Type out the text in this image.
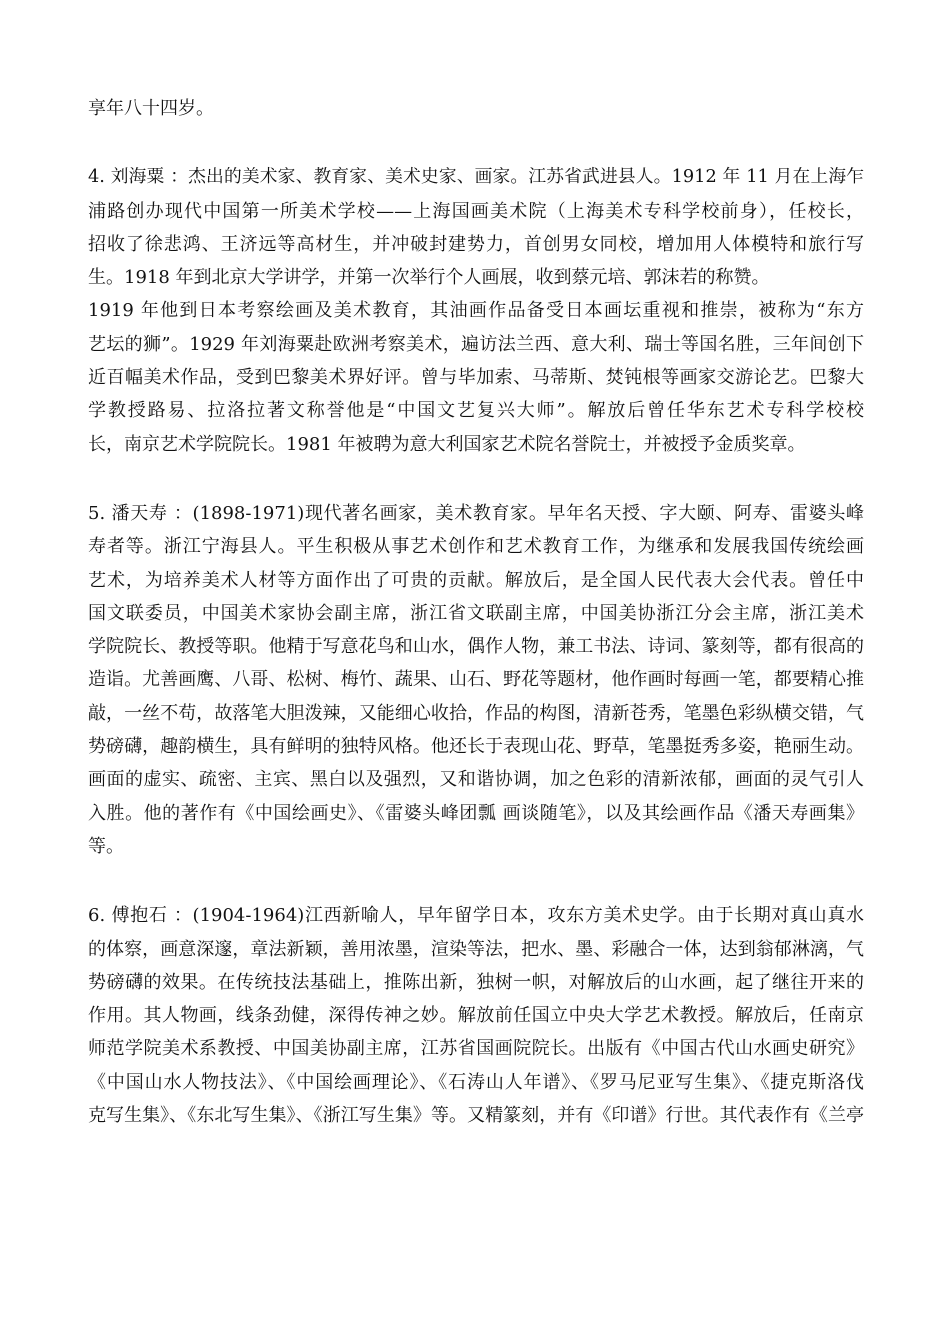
享年八十四岁。
4. 刘海粟 ：杰出的美术家、教育家、美术史家、画家。江苏省武进县人。1912 年 11 月在上海乍
浦路创办现代中国第一所美术学校——上海国画美术院（上海美术专科学校前身），任校长，
招收了徐悲鸿、王济远等高材生，并冲破封建势力，首创男女同校，增加用人体模特和旅行写
生。1918 年到北京大学讲学，并第一次举行个人画展，收到蔡元培、郭沫若的称赞。
1919 年他到日本考察绘画及美术教育，其油画作品备受日本画坛重视和推崇，被称为“东方
艺坛的狮”。1929 年刘海粟赴欧洲考察美术，遍访法兰西、意大利、瑞士等国名胜，三年间创下
近百幅美术作品，受到巴黎美术界好评。曾与毕加索、马蒂斯、焚钝根等画家交游论艺。巴黎大
学教授路易、拉洛拉著文称誉他是“中国文艺复兴大师”。解放后曾任华东艺术专科学校校
长，南京艺术学院院长。1981 年被聘为意大利国家艺术院名誉院士，并被授予金质奖章。
5. 潘天寿 ：(1898-1971)现代著名画家，美术教育家。早年名天授、字大颐、阿寿、雷婆头峰
寿者等。浙江宁海县人。平生积极从事艺术创作和艺术教育工作，为继承和发展我国传统绘画
艺术，为培养美术人材等方面作出了可贵的贡献。解放后，是全国人民代表大会代表。曾任中
国文联委员，中国美术家协会副主席，浙江省文联副主席，中国美协浙江分会主席，浙江美术
学院院长、教授等职。他精于写意花鸟和山水，偶作人物，兼工书法、诗词、篆刻等，都有很高的
造诣。尤善画鹰、八哥、松树、梅竹、蔬果、山石、野花等题材，他作画时每画一笔，都要精心推
敲，一丝不苟，故落笔大胆泼辣，又能细心收拾，作品的构图，清新苍秀，笔墨色彩纵横交错，气
势磅礴，趣韵横生，具有鲜明的独特风格。他还长于表现山花、野草，笔墨挺秀多姿，艳丽生动。
画面的虚实、疏密、主宾、黑白以及强烈，又和谐协调，加之色彩的清新浓郁，画面的灵气引人
入胜。他的著作有《中国绘画史》、《雷婆头峰团瓢 画谈随笔》，以及其绘画作品《潘天寿画集》
等。
6. 傅抱石 ：(1904-1964)江西新喻人，早年留学日本，攻东方美术史学。由于长期对真山真水
的体察，画意深邃，章法新颖，善用浓墨，渲染等法，把水、墨、彩融合一体，达到翁郁淋漓，气
势磅礴的效果。在传统技法基础上，推陈出新，独树一帜，对解放后的山水画，起了继往开来的
作用。其人物画，线条劲健，深得传神之妙。解放前任国立中央大学艺术教授。解放后，任南京
师范学院美术系教授、中国美协副主席，江苏省国画院院长。出版有《中国古代山水画史研究》
《中国山水人物技法》、《中国绘画理论》、《石涛山人年谱》、《罗马尼亚写生集》、《捷克斯洛伐
克写生集》、《东北写生集》、《浙江写生集》等。又精篆刻，并有《印谱》行世。其代表作有《兰亭
